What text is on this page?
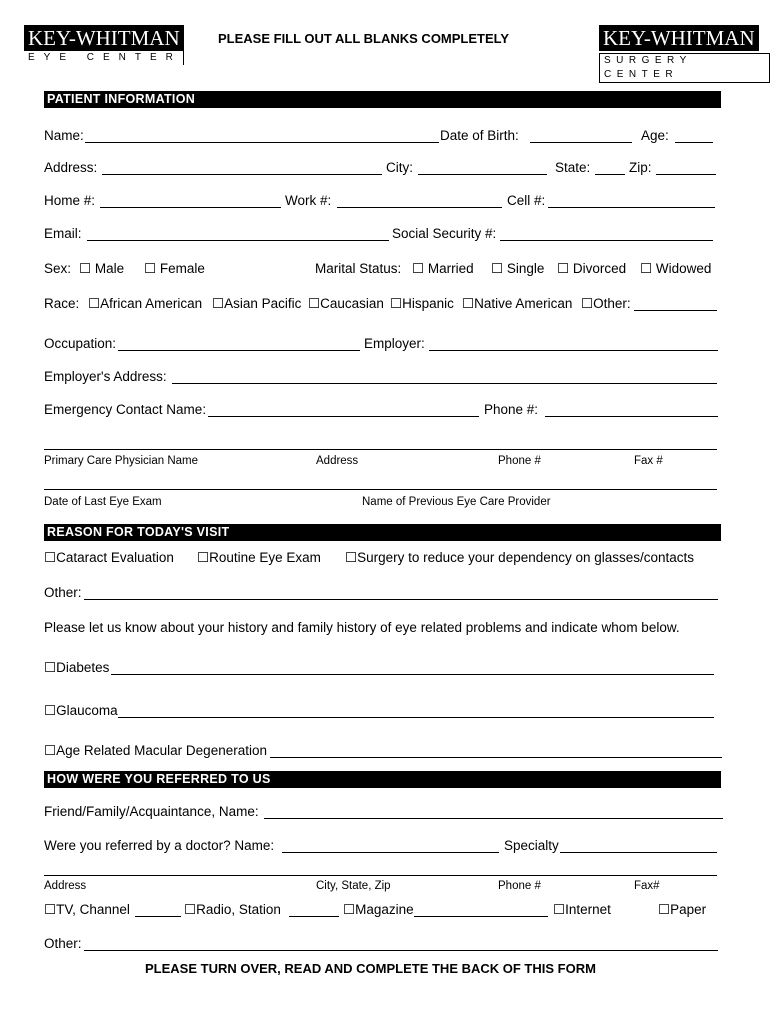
KEY-WHITMAN
EYE CENTER
PLEASE FILL OUT ALL BLANKS COMPLETELY	KEY-WHITMAN
SURGERY CENTER
PATIENT INFORMATION
Name:	Date of Birth:	Age:
Address:	City:	State:	Zip:
Home #:	Work #:	Cell #:
Email:	Social Security #:
Sex: ☐ Male ☐ Female	Marital Status: ☐ Married ☐ Single ☐ Divorced ☐ Widowed
Race: ☐African American ☐Asian Pacific ☐Caucasian ☐Hispanic ☐Native American ☐Other:
Occupation:	Employer:
Employer's Address:
Emergency Contact Name:	Phone #:
Primary Care Physician Name	Address	Phone #	Fax #
Date of Last Eye Exam	Name of Previous Eye Care Provider
REASON FOR TODAY'S VISIT
☐Cataract Evaluation ☐Routine Eye Exam ☐Surgery to reduce your dependency on glasses/contacts
Other:
Please let us know about your history and family history of eye related problems and indicate whom below.
☐Diabetes
☐Glaucoma
☐Age Related Macular Degeneration
HOW WERE YOU REFERRED TO US
Friend/Family/Acquaintance, Name:
Were you referred by a doctor? Name:	Specialty
Address	City, State, Zip	Phone #	Fax#
☐TV, Channel	☐Radio, Station	☐Magazine	☐Internet	☐Paper
Other:
PLEASE TURN OVER, READ AND COMPLETE THE BACK OF THIS FORM
